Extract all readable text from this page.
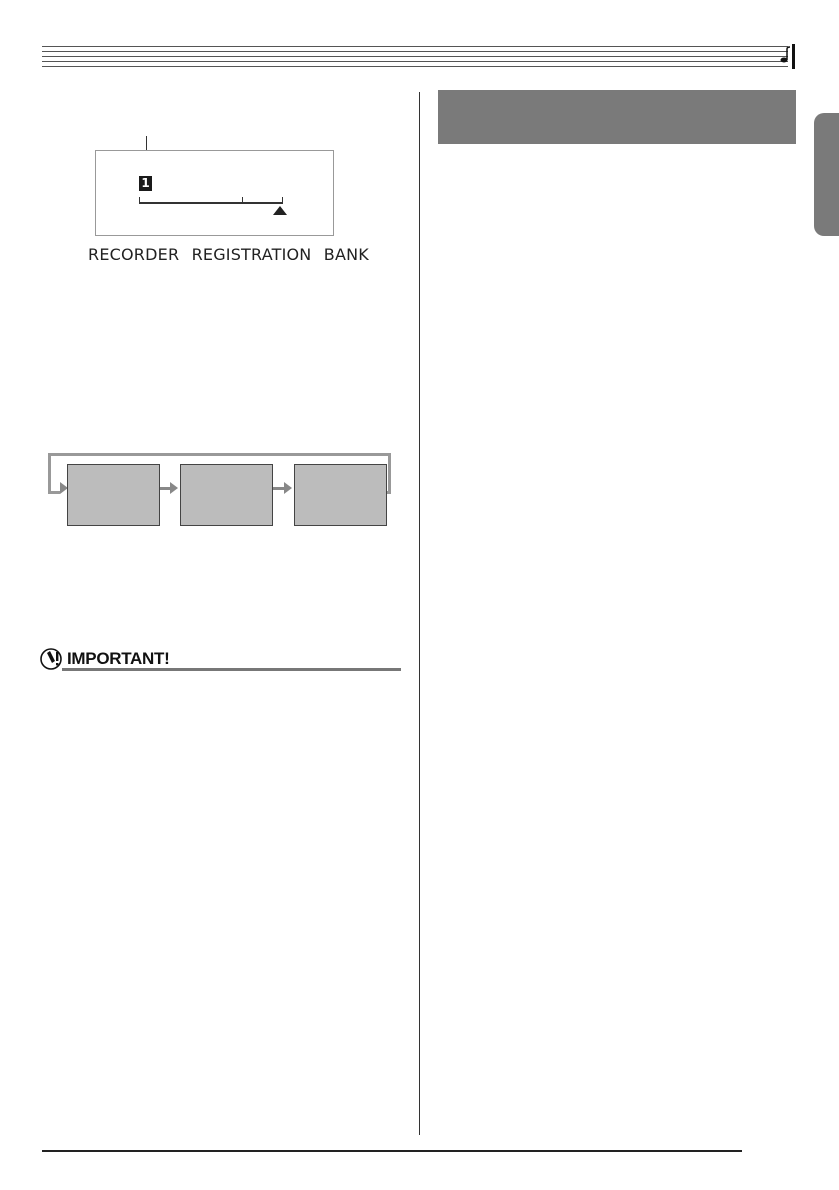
1
RECORDER REGISTRATION BANK
IMPORTANT!
